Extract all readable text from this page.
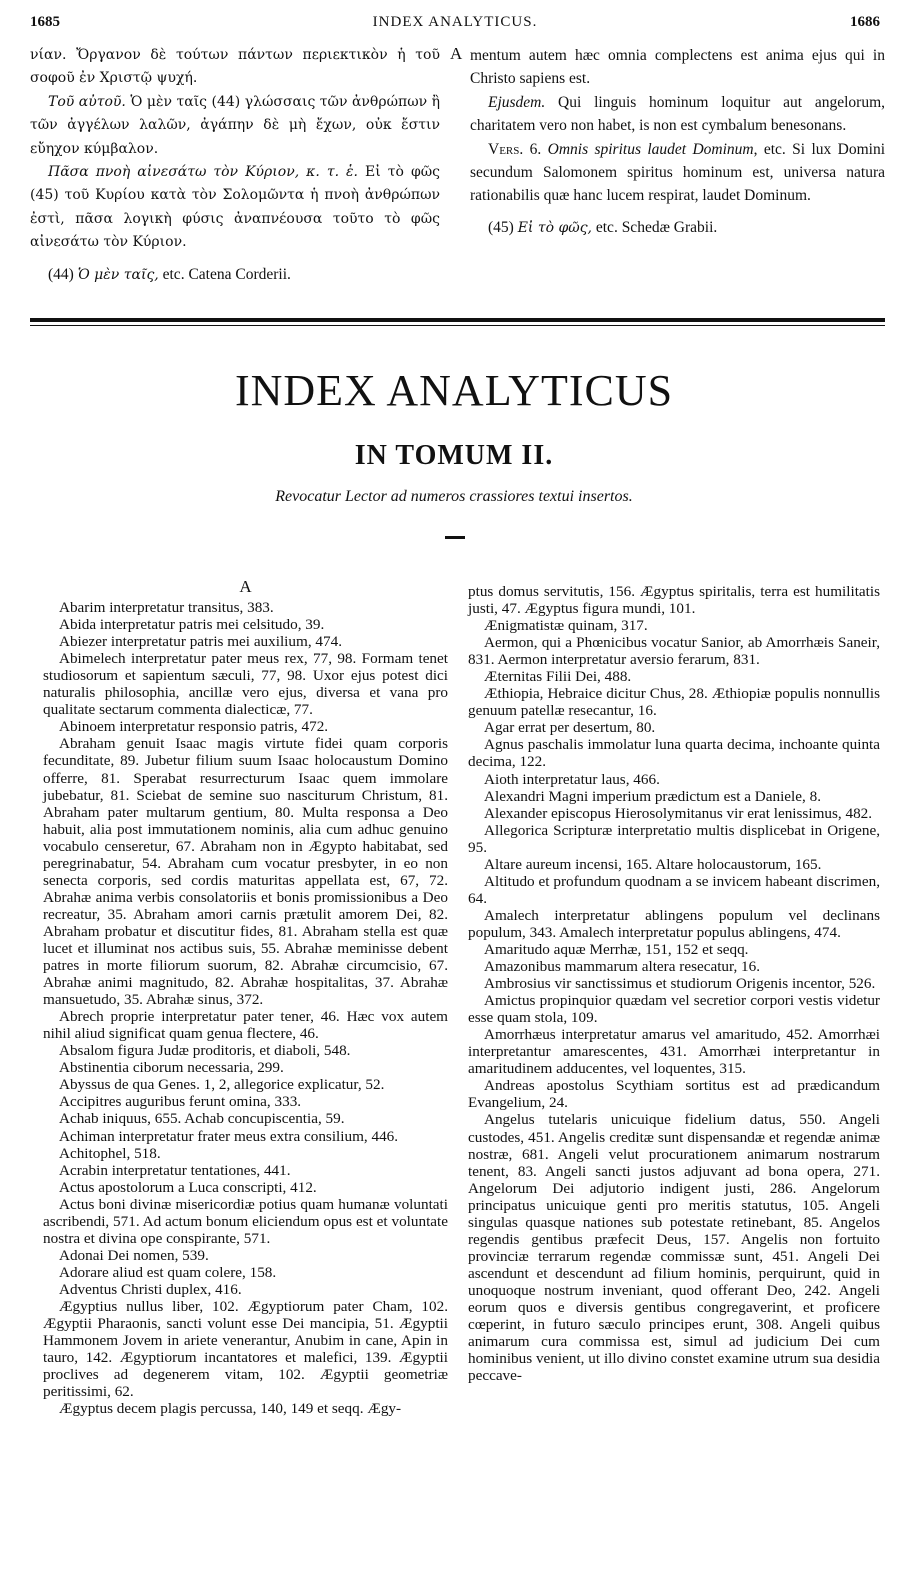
1685	INDEX ANALYTICUS.	1686

νίαν. Ὄργανον δὲ τούτων πάντων περιεκτικὸν ἡ τοῦ σοφοῦ ἐν Χριστῷ ψυχή.

Τοῦ αὐτοῦ. Ὁ μὲν ταῖς (44) γλώσσαις τῶν ἀνθρώπων ἢ τῶν ἀγγέλων λαλῶν, ἀγάπην δὲ μὴ ἔχων, οὐκ ἔστιν εὔηχον κύμβαλον.

Πᾶσα πνοὴ αἰνεσάτω τὸν Κύριον, κ. τ. ἑ. Εἰ τὸ φῶς (45) τοῦ Κυρίου κατὰ τὸν Σολομῶντα ἡ πνοὴ ἀνθρώπων ἐστὶ, πᾶσα λογικὴ φύσις ἀναπνέουσα τοῦτο τὸ φῶς αἰνεσάτω τὸν Κύριον.

(44) Ὁ μὲν ταῖς, etc. Catena Corderii.

A mentum autem hæc omnia complectens est anima ejus qui in Christo sapiens est.

Ejusdem. Qui linguis hominum loquitur aut angelorum, charitatem vero non habet, is non est cymbalum benesonans.

Vers. 6. Omnis spiritus laudet Dominum, etc. Si lux Domini secundum Salomonem spiritus hominum est, universa natura rationabilis quæ hanc lucem respirat, laudet Dominum.

(45) Εἰ τὸ φῶς, etc. Schedæ Grabii.

INDEX ANALYTICUS
IN TOMUM II.
Revocatur Lector ad numeros crassiores textui insertos.

A

Abarim interpretatur transitus, 383.

Abida interpretatur patris mei celsitudo, 39.

Abiezer interpretatur patris mei auxilium, 474.

Abimelech interpretatur pater meus rex, 77, 98. Formam tenet studiosorum et sapientum sæculi, 77, 98. Uxor ejus potest dici naturalis philosophia, ancillæ vero ejus, diversa et vana pro qualitate sectarum commenta dialecticæ, 77.

Abinoem interpretatur responsio patris, 472.

Abraham genuit Isaac magis virtute fidei quam corporis fecunditate, 89. Jubetur filium suum Isaac holocaustum Domino offerre, 81. Sperabat resurrecturum Isaac quem immolare jubebatur, 81. Sciebat de semine suo nasciturum Christum, 81. Abraham pater multarum gentium, 80. Multa responsa a Deo habuit, alia post immutationem nominis, alia cum adhuc genuino vocabulo censeretur, 67. Abraham non in Ægypto habitabat, sed peregrinabatur, 54. Abraham cum vocatur presbyter, in eo non senecta corporis, sed cordis maturitas appellata est, 67, 72. Abrahæ anima verbis consolatoriis et bonis promissionibus a Deo recreatur, 35. Abraham amori carnis prætulit amorem Dei, 82. Abraham probatur et discutitur fides, 81. Abraham stella est quæ lucet et illuminat nos actibus suis, 55. Abrahæ meminisse debent patres in morte filiorum suorum, 82. Abrahæ circumcisio, 67. Abrahæ animi magnitudo, 82. Abrahæ hospitalitas, 37. Abrahæ mansuetudo, 35. Abrahæ sinus, 372.

Abrech proprie interpretatur pater tener, 46. Hæc vox autem nihil aliud significat quam genua flectere, 46.

Absalom figura Judæ proditoris, et diaboli, 548.

Abstinentia ciborum necessaria, 299.

Abyssus de qua Genes. 1, 2, allegorice explicatur, 52.

Accipitres auguribus ferunt omina, 333.

Achab iniquus, 655. Achab concupiscentia, 59.

Achiman interpretatur frater meus extra consilium, 446.

Achitophel, 518.

Acrabin interpretatur tentationes, 441.

Actus apostolorum a Luca conscripti, 412.

Actus boni divinæ misericordiæ potius quam humanæ voluntati ascribendi, 571. Ad actum bonum eliciendum opus est et voluntate nostra et divina ope conspirante, 571.

Adonai Dei nomen, 539.

Adorare aliud est quam colere, 158.

Adventus Christi duplex, 416.

Ægyptius nullus liber, 102. Ægyptiorum pater Cham, 102. Ægyptii Pharaonis, sancti volunt esse Dei mancipia, 51. Ægyptii Hammonem Jovem in ariete venerantur, Anubim in cane, Apin in tauro, 142. Ægyptiorum incantatores et malefici, 139. Ægyptii proclives ad degenerem vitam, 102. Ægyptii geometriæ peritissimi, 62.

Ægyptus decem plagis percussa, 140, 149 et seqq. Ægy-

ptus domus servitutis, 156. Ægyptus spiritalis, terra est humilitatis justi, 47. Ægyptus figura mundi, 101.

Ænigmatistæ quinam, 317.

Aermon, qui a Phœnicibus vocatur Sanior, ab Amorrhæis Saneir, 831. Aermon interpretatur aversio ferarum, 831.

Æternitas Filii Dei, 488.

Æthiopia, Hebraice dicitur Chus, 28. Æthiopiæ populis nonnullis genuum patellæ resecantur, 16.

Agar errat per desertum, 80.

Agnus paschalis immolatur luna quarta decima, inchoante quinta decima, 122.

Aioth interpretatur laus, 466.

Alexandri Magni imperium prædictum est a Daniele, 8.

Alexander episcopus Hierosolymitanus vir erat lenissimus, 482.

Allegorica Scripturæ interpretatio multis displicebat in Origene, 95.

Altare aureum incensi, 165. Altare holocaustorum, 165.

Altitudo et profundum quodnam a se invicem habeant discrimen, 64.

Amalech interpretatur ablingens populum vel declinans populum, 343. Amalech interpretatur populus ablingens, 474.

Amaritudo aquæ Merrhæ, 151, 152 et seqq.

Amazonibus mammarum altera resecatur, 16.

Ambrosius vir sanctissimus et studiorum Origenis incentor, 526.

Amictus propinquior quædam vel secretior corpori vestis videtur esse quam stola, 109.

Amorrhæus interpretatur amarus vel amaritudo, 452. Amorrhæi interpretantur amarescentes, 431. Amorrhæi interpretantur in amaritudinem adducentes, vel loquentes, 315.

Andreas apostolus Scythiam sortitus est ad prædicandum Evangelium, 24.

Angelus tutelaris unicuique fidelium datus, 550. Angeli custodes, 451. Angelis creditæ sunt dispensandæ et regendæ animæ nostræ, 681. Angeli velut procurationem animarum nostrarum tenent, 83. Angeli sancti justos adjuvant ad bona opera, 271. Angelorum Dei adjutorio indigent justi, 286. Angelorum principatus unicuique genti pro meritis statutus, 105. Angeli singulas quasque nationes sub potestate retinebant, 85. Angelos regendis gentibus præfecit Deus, 157. Angelis non fortuito provinciæ terrarum regendæ commissæ sunt, 451. Angeli Dei ascendunt et descendunt ad filium hominis, perquirunt, quid in unoquoque nostrum inveniant, quod offerant Deo, 242. Angeli eorum quos e diversis gentibus congregaverint, et proficere cœperint, in futuro sæculo principes erunt, 308. Angeli quibus animarum cura commissa est, simul ad judicium Dei cum hominibus venient, ut illo divino constet examine utrum sua desidia peccave-
